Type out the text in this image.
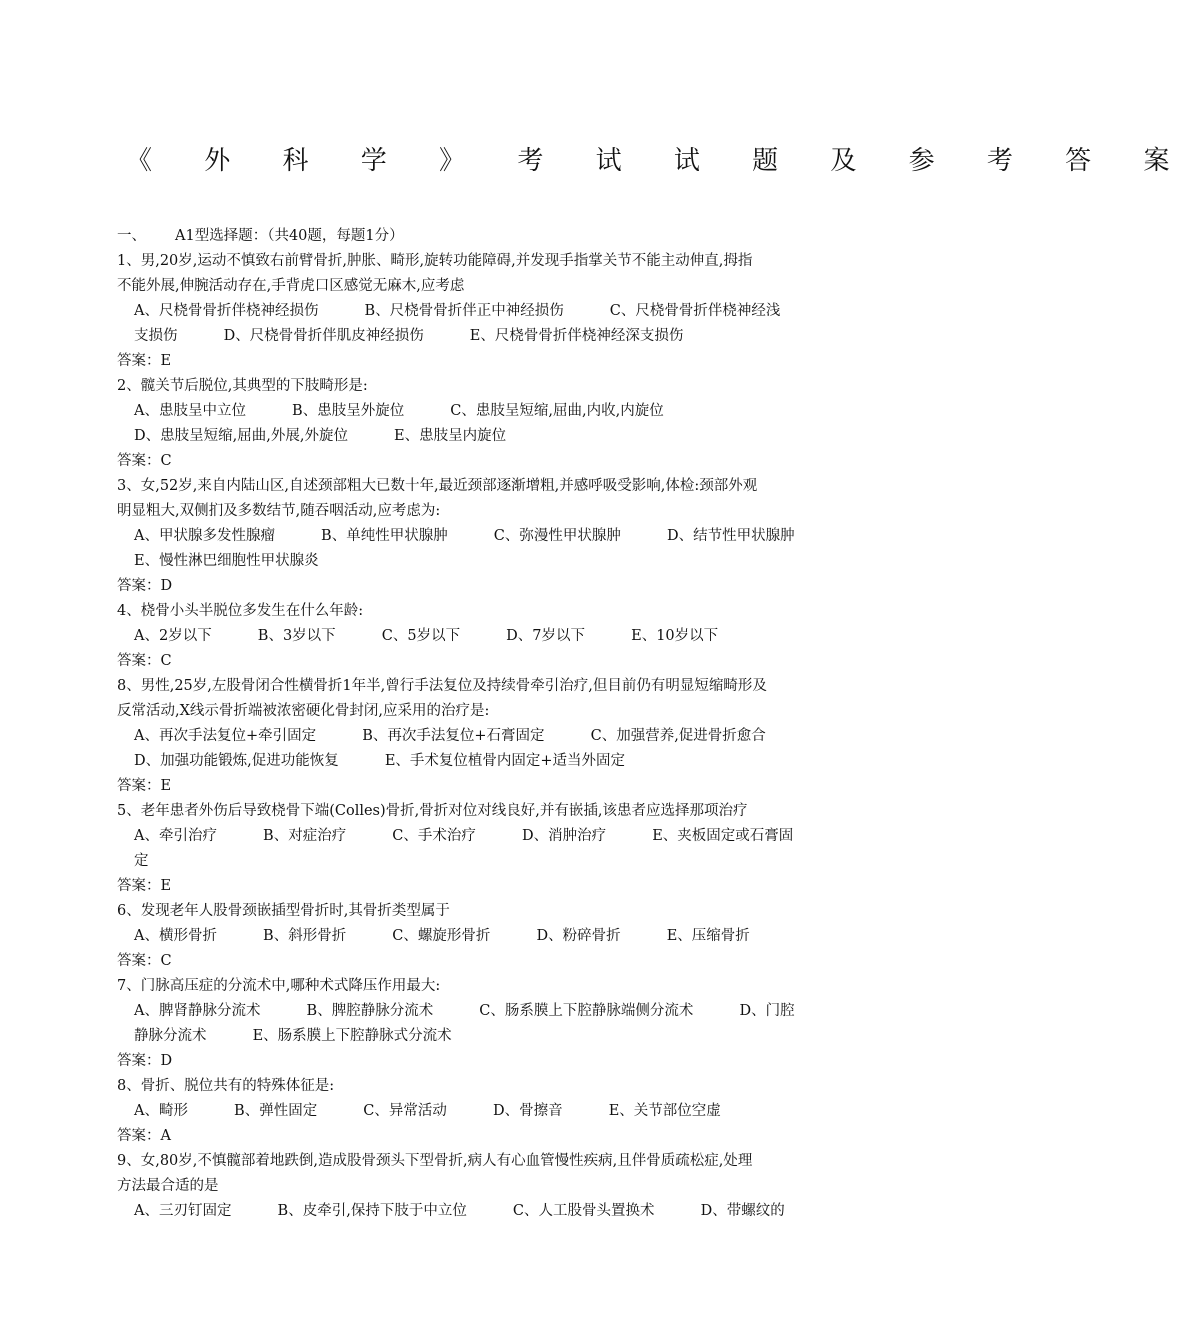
《 外 科 学 》 考 试 试 题 及 参 考 答 案
一、 A1型选择题：（共40题，每题1分）
1、男,20岁,运动不慎致右前臂骨折,肿胀、畸形,旋转功能障碍,并发现手指掌关节不能主动伸直,拇指
不能外展,伸腕活动存在,手背虎口区感觉无麻木,应考虑
A、尺桡骨骨折伴桡神经损伤          B、尺桡骨骨折伴正中神经损伤          C、尺桡骨骨折伴桡神经浅
支损伤          D、尺桡骨骨折伴肌皮神经损伤          E、尺桡骨骨折伴桡神经深支损伤
答案：E
2、髋关节后脱位,其典型的下肢畸形是:
A、患肢呈中立位          B、患肢呈外旋位          C、患肢呈短缩,屈曲,内收,内旋位
D、患肢呈短缩,屈曲,外展,外旋位          E、患肢呈内旋位
答案：C
3、女,52岁,来自内陆山区,自述颈部粗大已数十年,最近颈部逐渐增粗,并感呼吸受影响,体检:颈部外观
明显粗大,双侧扪及多数结节,随吞咽活动,应考虑为:
A、甲状腺多发性腺瘤          B、单纯性甲状腺肿          C、弥漫性甲状腺肿          D、结节性甲状腺肿
E、慢性淋巴细胞性甲状腺炎
答案：D
4、桡骨小头半脱位多发生在什么年龄:
A、2岁以下          B、3岁以下          C、5岁以下          D、7岁以下          E、10岁以下
答案：C
8、男性,25岁,左股骨闭合性横骨折1年半,曾行手法复位及持续骨牵引治疗,但目前仍有明显短缩畸形及
反常活动,X线示骨折端被浓密硬化骨封闭,应采用的治疗是:
A、再次手法复位+牵引固定          B、再次手法复位+石膏固定          C、加强营养,促进骨折愈合
D、加强功能锻炼,促进功能恢复          E、手术复位植骨内固定+适当外固定
答案：E
5、老年患者外伤后导致桡骨下端(Colles)骨折,骨折对位对线良好,并有嵌插,该患者应选择那项治疗
A、牵引治疗          B、对症治疗          C、手术治疗          D、消肿治疗          E、夹板固定或石膏固
定
答案：E
6、发现老年人股骨颈嵌插型骨折时,其骨折类型属于
A、横形骨折          B、斜形骨折          C、螺旋形骨折          D、粉碎骨折          E、压缩骨折
答案：C
7、门脉高压症的分流术中,哪种术式降压作用最大:
A、脾肾静脉分流术          B、脾腔静脉分流术          C、肠系膜上下腔静脉端侧分流术          D、门腔
静脉分流术          E、肠系膜上下腔静脉式分流术
答案：D
8、骨折、脱位共有的特殊体征是:
A、畸形          B、弹性固定          C、异常活动          D、骨擦音          E、关节部位空虚
答案：A
9、女,80岁,不慎髋部着地跌倒,造成股骨颈头下型骨折,病人有心血管慢性疾病,且伴骨质疏松症,处理
方法最合适的是
A、三刃钉固定          B、皮牵引,保持下肢于中立位          C、人工股骨头置换术          D、带螺纹的
